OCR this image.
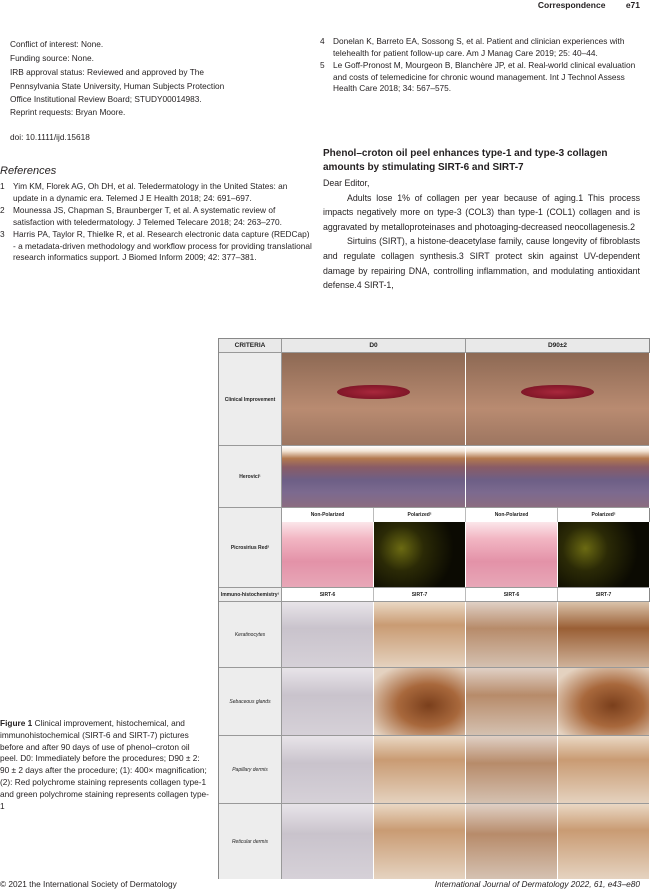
Correspondence e71
Conflict of interest: None.
Funding source: None.
IRB approval status: Reviewed and approved by The
Pennsylvania State University, Human Subjects Protection
Office Institutional Review Board; STUDY00014983.
Reprint requests: Bryan Moore.
doi: 10.1111/ijd.15618
References
1	Yim KM, Florek AG, Oh DH, et al. Teledermatology in the United States: an update in a dynamic era. Telemed J E Health 2018; 24: 691–697.
2	Mounessa JS, Chapman S, Braunberger T, et al. A systematic review of satisfaction with teledermatology. J Telemed Telecare 2018; 24: 263–270.
3	Harris PA, Taylor R, Thielke R, et al. Research electronic data capture (REDCap) - a metadata-driven methodology and workflow process for providing translational research informatics support. J Biomed Inform 2009; 42: 377–381.
4	Donelan K, Barreto EA, Sossong S, et al. Patient and clinician experiences with telehealth for patient follow-up care. Am J Manag Care 2019; 25: 40–44.
5	Le Goff-Pronost M, Mourgeon B, Blanchère JP, et al. Real-world clinical evaluation and costs of telemedicine for chronic wound management. Int J Technol Assess Health Care 2018; 34: 567–575.
Phenol–croton oil peel enhances type-1 and type-3 collagen amounts by stimulating SIRT-6 and SIRT-7
Dear Editor,
Adults lose 1% of collagen per year because of aging.1 This process impacts negatively more on type-3 (COL3) than type-1 (COL1) collagen and is aggravated by metalloproteinases and photoaging-decreased neocollagenesis.2
Sirtuins (SIRT), a histone-deacetylase family, cause longevity of fibroblasts and regulate collagen synthesis.3 SIRT protect skin against UV-dependent damage by repairing DNA, controlling inflammation, and modulating antioxidant defense.4 SIRT-1,
CRITERIA	D0	D90±2
Clinical Improvement
Herovici¹
Picrosirius Red²
Non-Polarized	Polarized²	Non-Polarized	Polarized²
Immuno-histochemistry¹	SIRT-6	SIRT-7	SIRT-6	SIRT-7
Keratinocytes
Sebaceous glands
Papillary dermis
Reticular dermis
Figure 1 Clinical improvement, histochemical, and immunohistochemical (SIRT-6 and SIRT-7) pictures before and after 90 days of use of phenol–croton oil peel. D0: Immediately before the procedures; D90 ± 2: 90 ± 2 days after the procedure; (1): 400× magnification; (2): Red polychrome staining represents collagen type-1 and green polychrome staining represents collagen type-1
© 2021 the International Society of Dermatology	International Journal of Dermatology 2022, 61, e43–e80
